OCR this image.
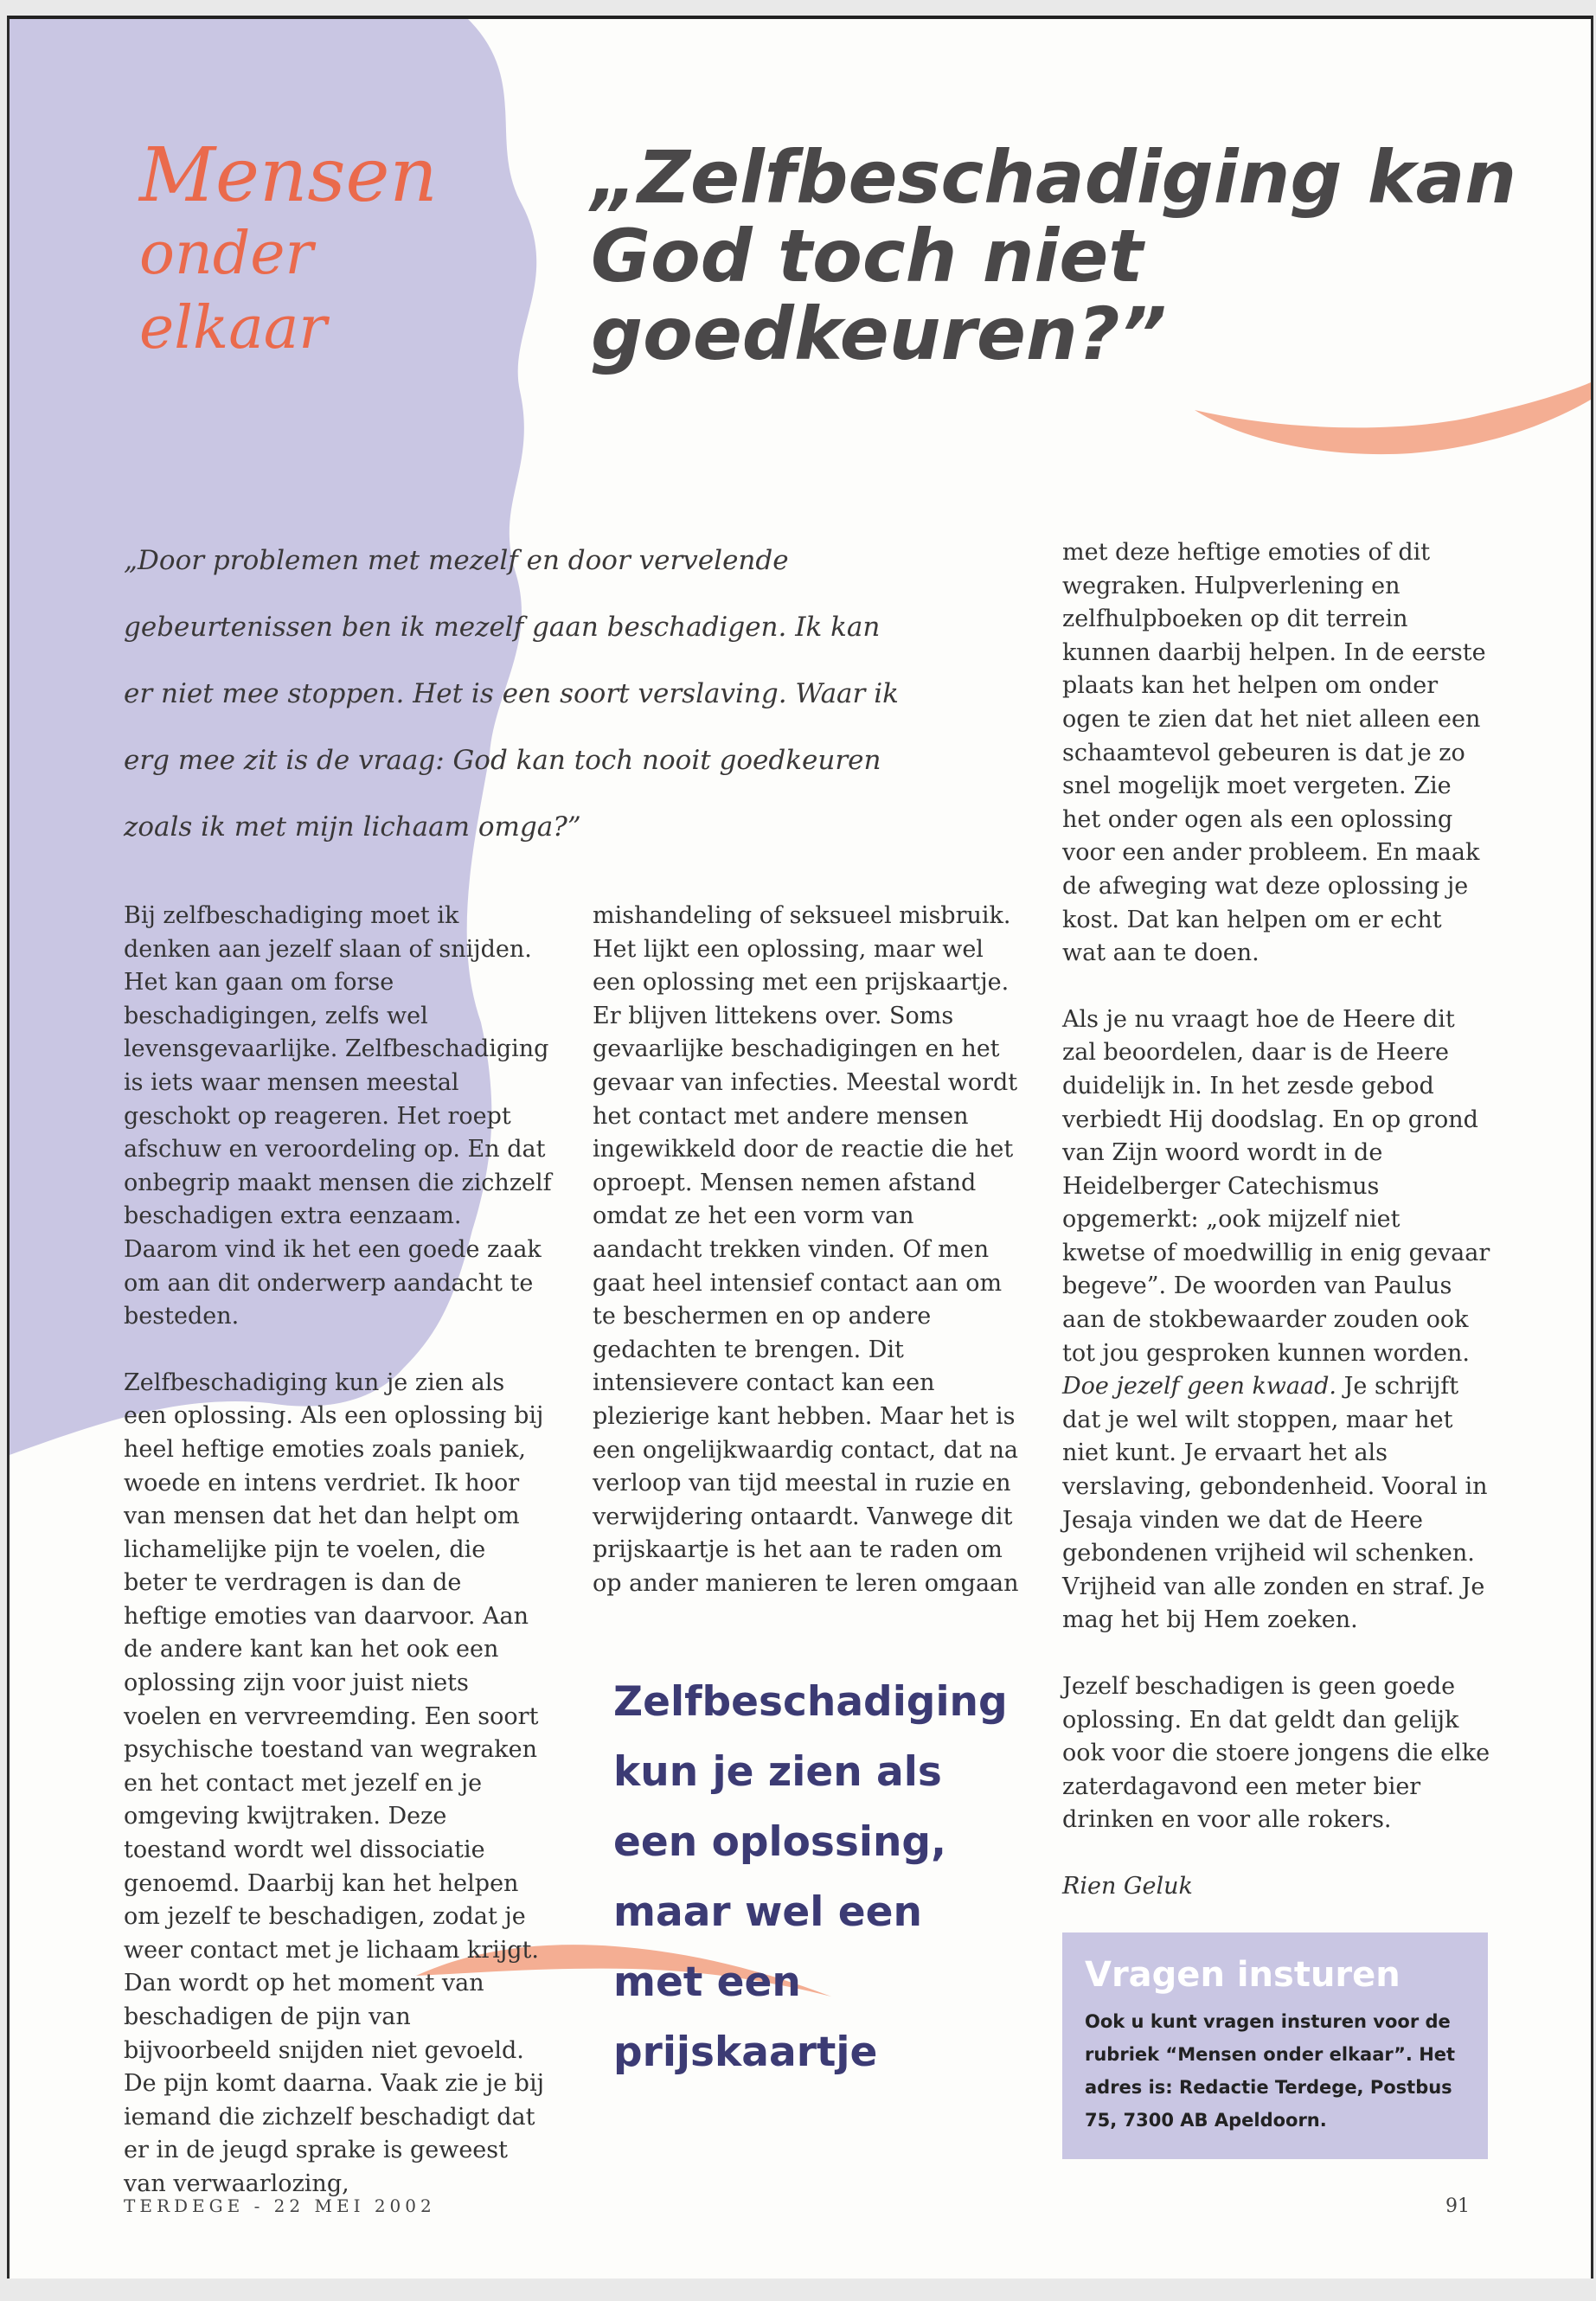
Mensen
onder
elkaar
„Zelfbeschadiging kan God toch niet goedkeuren?”
„Door problemen met mezelf en door vervelende gebeurtenissen ben ik mezelf gaan beschadigen. Ik kan er niet mee stoppen. Het is een soort verslaving. Waar ik erg mee zit is de vraag: God kan toch nooit goedkeuren zoals ik met mijn lichaam omga?”

Bij zelfbeschadiging moet ik denken aan jezelf slaan of snijden. Het kan gaan om forse beschadigingen, zelfs wel levensgevaarlijke. Zelfbeschadiging is iets waar mensen meestal geschokt op reageren. Het roept afschuw en veroordeling op. En dat onbegrip maakt mensen die zichzelf beschadigen extra eenzaam. Daarom vind ik het een goede zaak om aan dit onderwerp aandacht te besteden.

Zelfbeschadiging kun je zien als een oplossing. Als een oplossing bij heel heftige emoties zoals paniek, woede en intens verdriet. Ik hoor van mensen dat het dan helpt om lichamelijke pijn te voelen, die beter te verdragen is dan de heftige emoties van daarvoor. Aan de andere kant kan het ook een oplossing zijn voor juist niets voelen en vervreemding. Een soort psychische toestand van wegraken en het contact met jezelf en je omgeving kwijtraken. Deze toestand wordt wel dissociatie genoemd. Daarbij kan het helpen om jezelf te beschadigen, zodat je weer contact met je lichaam krijgt. Dan wordt op het moment van beschadigen de pijn van bijvoorbeeld snijden niet gevoeld. De pijn komt daarna. Vaak zie je bij iemand die zichzelf beschadigt dat er in de jeugd sprake is geweest van verwaarlozing,

mishandeling of seksueel misbruik. Het lijkt een oplossing, maar wel een oplossing met een prijskaartje. Er blijven littekens over. Soms gevaarlijke beschadigingen en het gevaar van infecties. Meestal wordt het contact met andere mensen ingewikkeld door de reactie die het oproept. Mensen nemen afstand omdat ze het een vorm van aandacht trekken vinden. Of men gaat heel intensief contact aan om te beschermen en op andere gedachten te brengen. Dit intensievere contact kan een plezierige kant hebben. Maar het is een ongelijkwaardig contact, dat na verloop van tijd meestal in ruzie en verwijdering ontaardt. Vanwege dit prijskaartje is het aan te raden om op ander manieren te leren omgaan

Zelfbeschadiging kun je zien als een oplossing, maar wel een met een prijskaartje

met deze heftige emoties of dit wegraken. Hulpverlening en zelfhulpboeken op dit terrein kunnen daarbij helpen. In de eerste plaats kan het helpen om onder ogen te zien dat het niet alleen een schaamtevol gebeuren is dat je zo snel mogelijk moet vergeten. Zie het onder ogen als een oplossing voor een ander probleem. En maak de afweging wat deze oplossing je kost. Dat kan helpen om er echt wat aan te doen.

Als je nu vraagt hoe de Heere dit zal beoordelen, daar is de Heere duidelijk in. In het zesde gebod verbiedt Hij doodslag. En op grond van Zijn woord wordt in de Heidelberger Catechismus opgemerkt: „ook mijzelf niet kwetse of moedwillig in enig gevaar begeve”. De woorden van Paulus aan de stokbewaarder zouden ook tot jou gesproken kunnen worden. Doe jezelf geen kwaad. Je schrijft dat je wel wilt stoppen, maar het niet kunt. Je ervaart het als verslaving, gebondenheid. Vooral in Jesaja vinden we dat de Heere gebondenen vrijheid wil schenken. Vrijheid van alle zonden en straf. Je mag het bij Hem zoeken.

Jezelf beschadigen is geen goede oplossing. En dat geldt dan gelijk ook voor die stoere jongens die elke zaterdagavond een meter bier drinken en voor alle rokers.

Rien Geluk

Vragen insturen
Ook u kunt vragen insturen voor de rubriek “Mensen onder elkaar”. Het adres is: Redactie Terdege, Postbus 75, 7300 AB Apeldoorn.
TERDEGE - 22 MEI 2002	91
